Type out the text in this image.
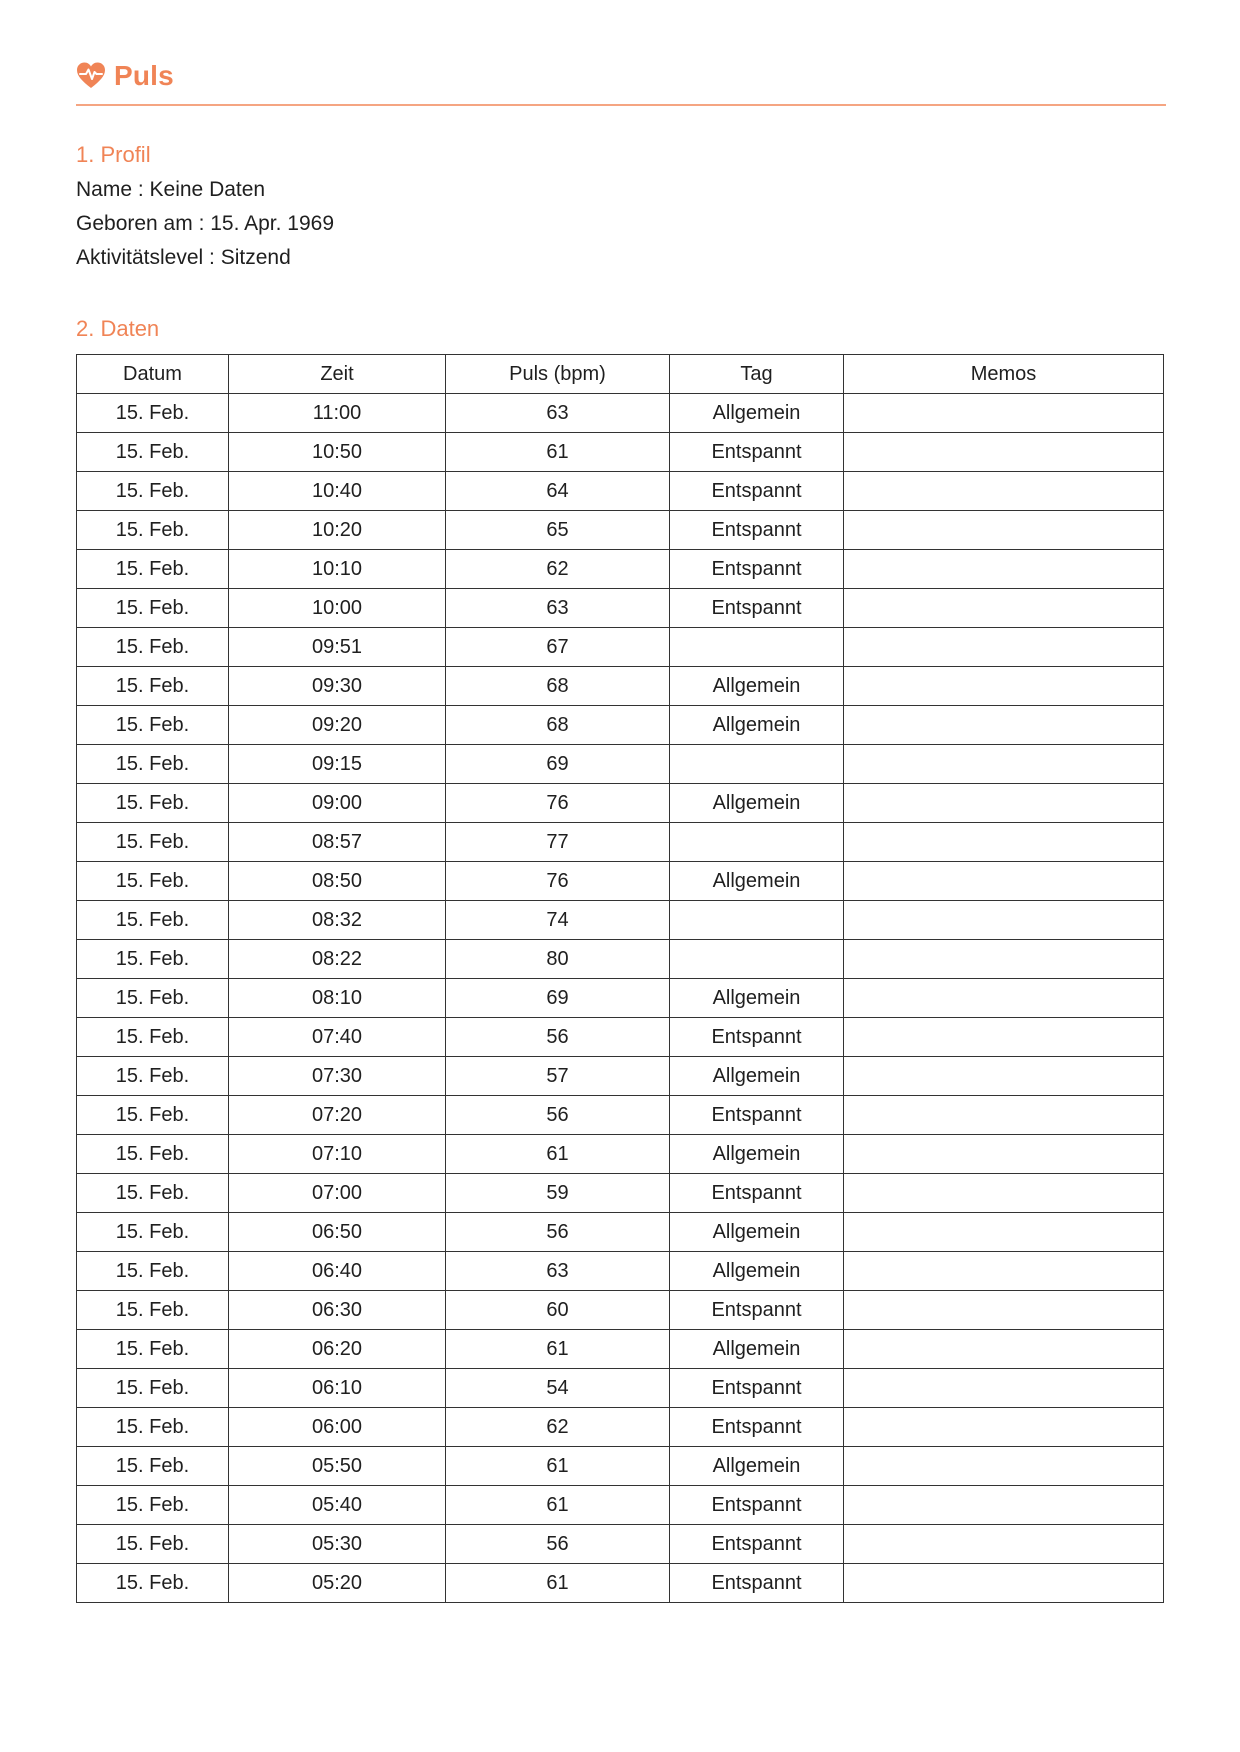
Puls
1. Profil
Name : Keine Daten
Geboren am : 15. Apr. 1969
Aktivitätslevel : Sitzend
2. Daten
Datum	Zeit	Puls (bpm)	Tag	Memos
15. Feb.	11:00	63	Allgemein	
15. Feb.	10:50	61	Entspannt	
15. Feb.	10:40	64	Entspannt	
15. Feb.	10:20	65	Entspannt	
15. Feb.	10:10	62	Entspannt	
15. Feb.	10:00	63	Entspannt	
15. Feb.	09:51	67		
15. Feb.	09:30	68	Allgemein	
15. Feb.	09:20	68	Allgemein	
15. Feb.	09:15	69		
15. Feb.	09:00	76	Allgemein	
15. Feb.	08:57	77		
15. Feb.	08:50	76	Allgemein	
15. Feb.	08:32	74		
15. Feb.	08:22	80		
15. Feb.	08:10	69	Allgemein	
15. Feb.	07:40	56	Entspannt	
15. Feb.	07:30	57	Allgemein	
15. Feb.	07:20	56	Entspannt	
15. Feb.	07:10	61	Allgemein	
15. Feb.	07:00	59	Entspannt	
15. Feb.	06:50	56	Allgemein	
15. Feb.	06:40	63	Allgemein	
15. Feb.	06:30	60	Entspannt	
15. Feb.	06:20	61	Allgemein	
15. Feb.	06:10	54	Entspannt	
15. Feb.	06:00	62	Entspannt	
15. Feb.	05:50	61	Allgemein	
15. Feb.	05:40	61	Entspannt	
15. Feb.	05:30	56	Entspannt	
15. Feb.	05:20	61	Entspannt	
